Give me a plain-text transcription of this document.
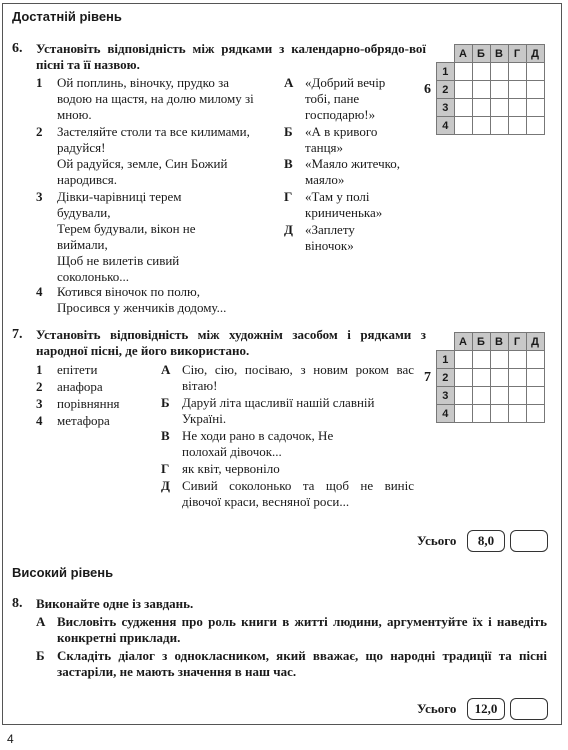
Достатній рівень
6. Установіть відповідність між рядками з календарно-обрядо-вої пісні та її назвою.
1 Ой поплинь, віночку, прудко за водою на щастя, на долю милому зі мною.
2 Застеляйте столи та все килимами, радуйся!
Ой радуйся, земле, Син Божий народився.
3 Дівки-чарівниці терем будували,
Терем будували, вікон не виймали,
Щоб не вилетів сивий соколонько...
4 Котився віночок по полю,
Просився у женчиків додому...
А «Добрий вечір тобі, пане господарю!»
Б «А в кривого танця»
В «Маяло житечко, маяло»
Г «Там у полі криниченька»
Д «Заплету віночок»
6
	А	Б	В	Г	Д
1					
2					
3					
4					
7. Установіть відповідність між художнім засобом і рядками з народної пісні, де його використано.
1 епітети
2 анафора
3 порівняння
4 метафора
А Сію, сію, посіваю, з новим роком вас вітаю!
Б Даруй літа щасливії нашій славній Україні.
В Не ходи рано в садочок, Не полохай дівочок...
Г як квіт, червоніло
Д Сивий соколонько та щоб не виніс дівочої краси, весняної роси...
7
	А	Б	В	Г	Д
1					
2					
3					
4					
Усього	8,0
Високий рівень
8. Виконайте одне із завдань.
А Висловіть судження про роль книги в житті людини, аргументуйте їх і наведіть конкретні приклади.
Б Складіть діалог з однокласником, який вважає, що народні традиції та пісні застаріли, не мають значення в наш час.
Усього	12,0
4
